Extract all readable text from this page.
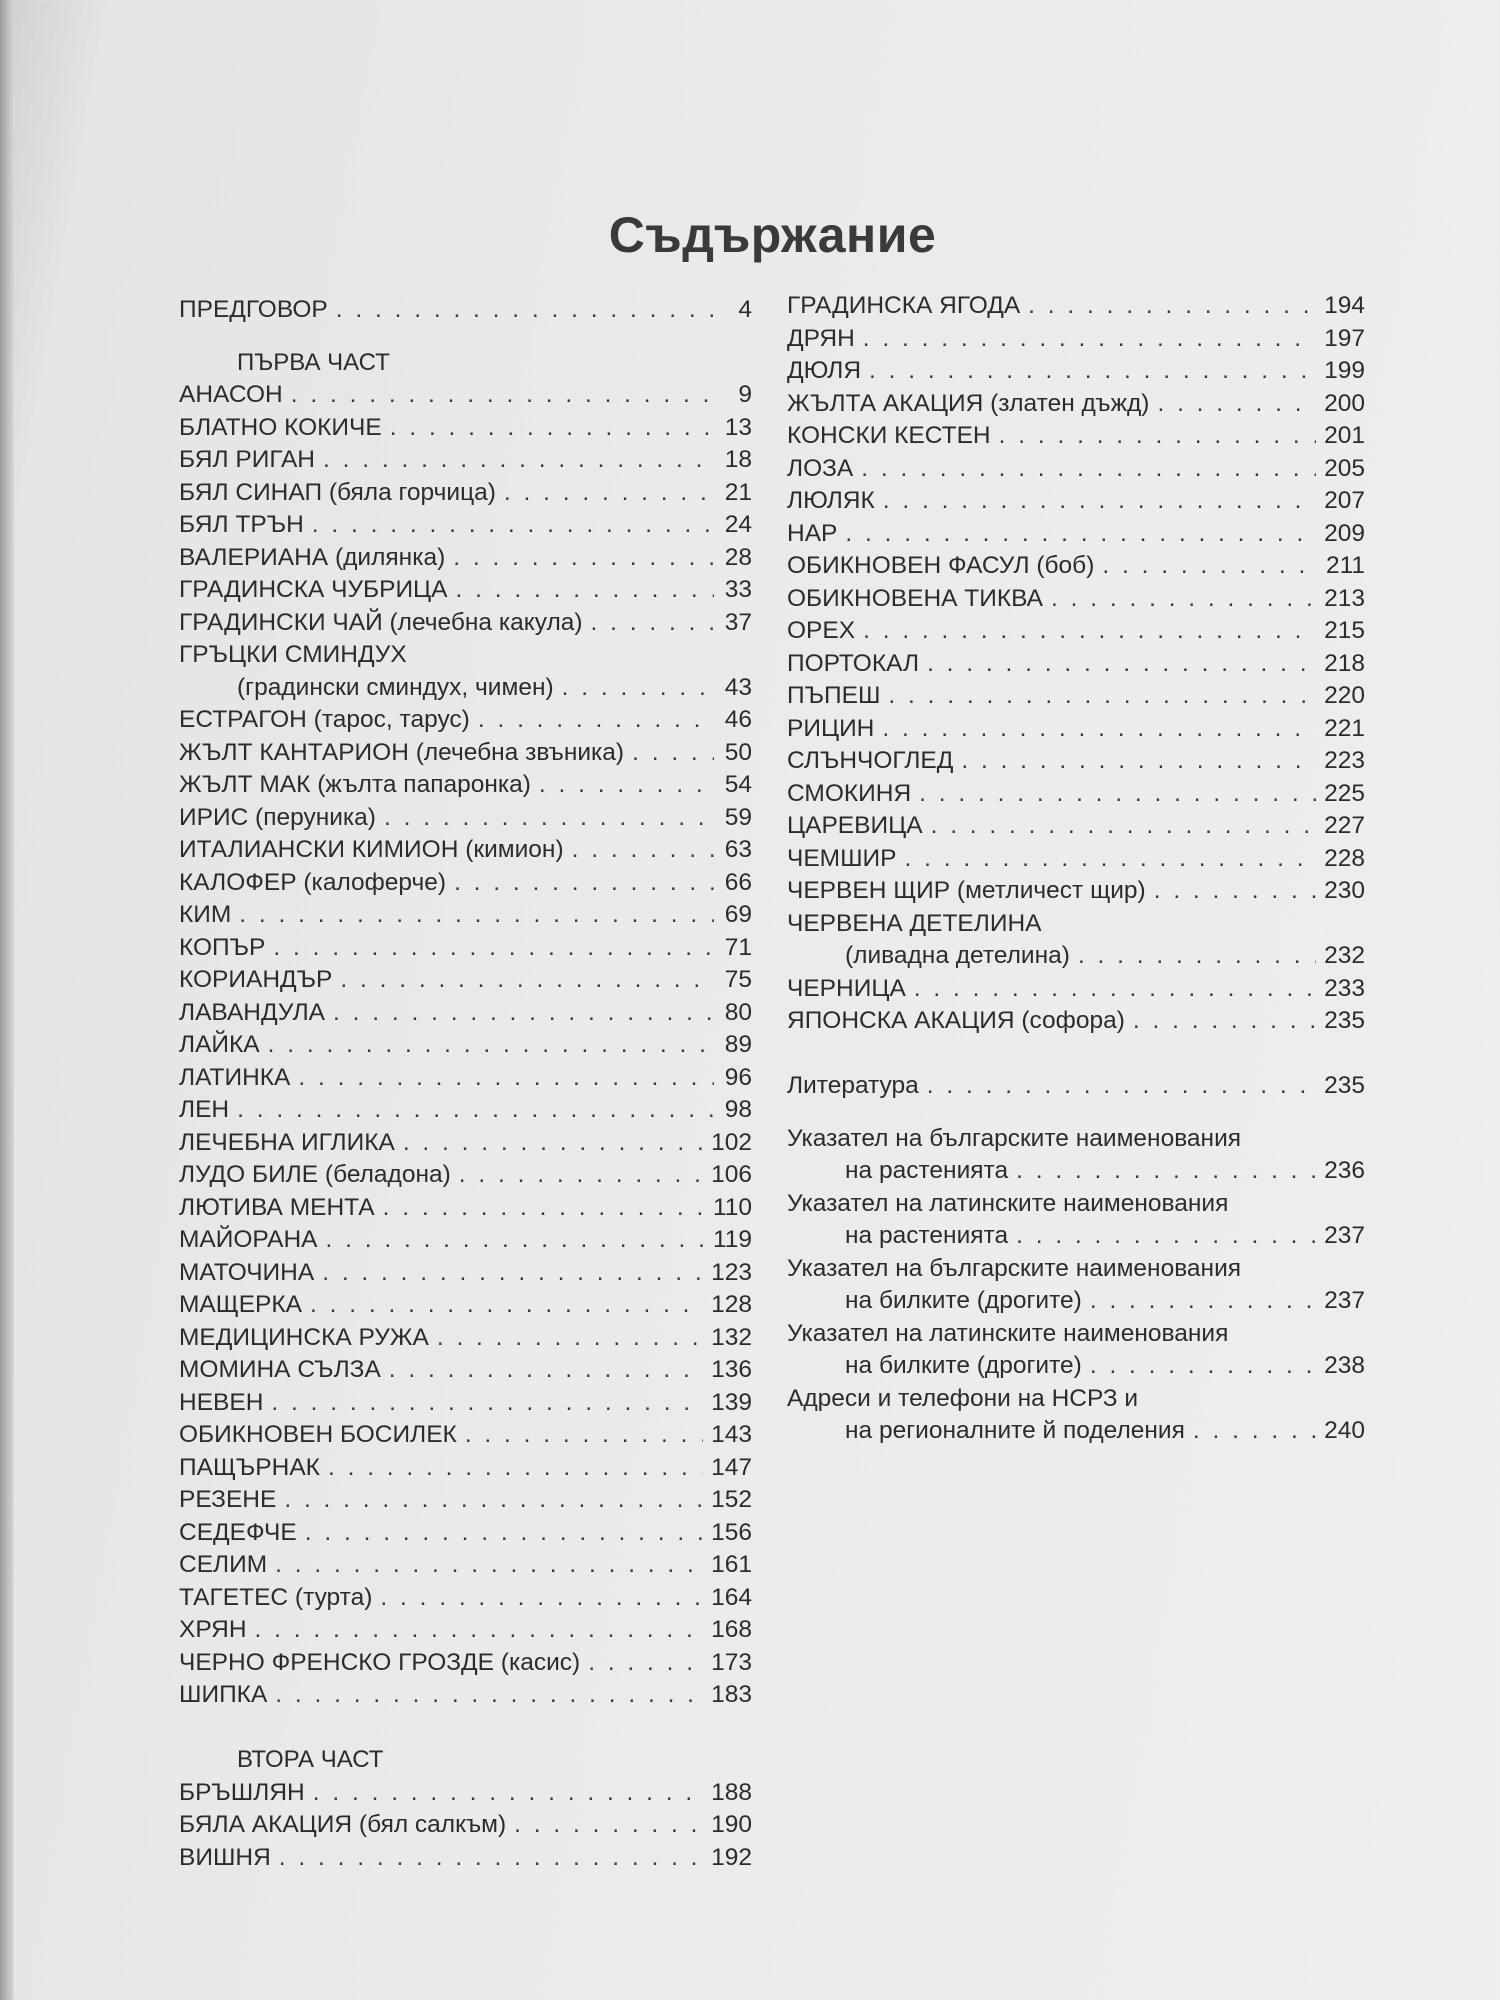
Съдържание
ПРЕДГОВОР . . .	4
ПЪРВА ЧАСТ
АНАСОН . . .	9
БЛАТНО КОКИЧЕ . . .	13
БЯЛ РИГАН . . .	18
БЯЛ СИНАП (бяла горчица) . . .	21
БЯЛ ТРЪН . . .	24
ВАЛЕРИАНА (дилянка) . . .	28
ГРАДИНСКА ЧУБРИЦА . . .	33
ГРАДИНСКИ ЧАЙ (лечебна какула) . . .	37
ГРЪЦКИ СМИНДУХ
(градински сминдух, чимен) . . .	43
ЕСТРАГОН (тарос, тарус) . . .	46
ЖЪЛТ КАНТАРИОН (лечебна звъника) . . .	50
ЖЪЛТ МАК (жълта папаронка) . . .	54
ИРИС (перуника) . . .	59
ИТАЛИАНСКИ КИМИОН (кимион) . . .	63
КАЛОФЕР (калоферче) . . .	66
КИМ . . .	69
КОПЪР . . .	71
КОРИАНДЪР . . .	75
ЛАВАНДУЛА . . .	80
ЛАЙКА . . .	89
ЛАТИНКА . . .	96
ЛЕН . . .	98
ЛЕЧЕБНА ИГЛИКА . . .	102
ЛУДО БИЛЕ (беладона) . . .	106
ЛЮТИВА МЕНТА . . .	110
МАЙОРАНА . . .	119
МАТОЧИНА . . .	123
МАЩЕРКА . . .	128
МЕДИЦИНСКА РУЖА . . .	132
МОМИНА СЪЛЗА . . .	136
НЕВЕН . . .	139
ОБИКНОВЕН БОСИЛЕК . . .	143
ПАЩЪРНАК . . .	147
РЕЗЕНЕ . . .	152
СЕДЕФЧЕ . . .	156
СЕЛИМ . . .	161
ТАГЕТЕС (турта) . . .	164
ХРЯН . . .	168
ЧЕРНО ФРЕНСКО ГРОЗДЕ (касис) . . .	173
ШИПКА . . .	183
ВТОРА ЧАСТ
БРЪШЛЯН . . .	188
БЯЛА АКАЦИЯ (бял салкъм) . . .	190
ВИШНЯ . . .	192
ГРАДИНСКА ЯГОДА . . .	194
ДРЯН . . .	197
ДЮЛЯ . . .	199
ЖЪЛТА АКАЦИЯ (златен дъжд) . . .	200
КОНСКИ КЕСТЕН . . .	201
ЛОЗА . . .	205
ЛЮЛЯК . . .	207
НАР . . .	209
ОБИКНОВЕН ФАСУЛ (боб) . . .	211
ОБИКНОВЕНА ТИКВА . . .	213
ОРЕХ . . .	215
ПОРТОКАЛ . . .	218
ПЪПЕШ . . .	220
РИЦИН . . .	221
СЛЪНЧОГЛЕД . . .	223
СМОКИНЯ . . .	225
ЦАРЕВИЦА . . .	227
ЧЕМШИР . . .	228
ЧЕРВЕН ЩИР (метличест щир) . . .	230
ЧЕРВЕНА ДЕТЕЛИНА
(ливадна детелина) . . .	232
ЧЕРНИЦА . . .	233
ЯПОНСКА АКАЦИЯ (софора) . . .	235
Литература . . .	235
Указател на българските наименования
на растенията . . .	236
Указател на латинските наименования
на растенията . . .	237
Указател на българските наименования
на билките (дрогите) . . .	237
Указател на латинските наименования
на билките (дрогите) . . .	238
Адреси и телефони на НСРЗ и
на регионалните й поделения . . .	240
